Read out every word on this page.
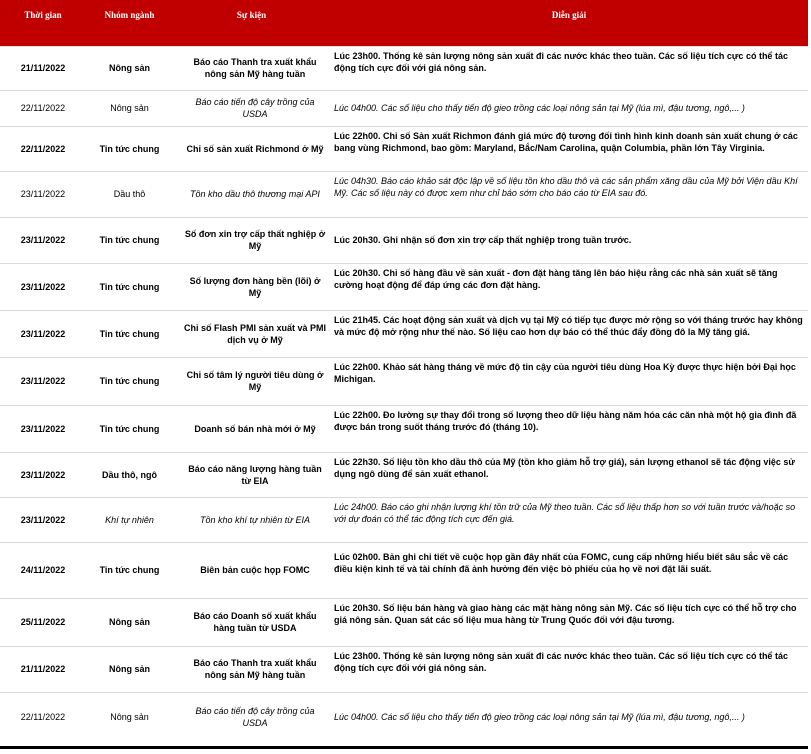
Thời gian	Nhóm ngành	Sự kiện	Diễn giải
21/11/2022	Nông sản	Báo cáo Thanh tra xuất khẩu nông sản Mỹ hàng tuần	Lúc 23h00. Thống kê sản lượng nông sản xuất đi các nước khác theo tuần. Các số liệu tích cực có thể tác động tích cực đối với giá nông sản.
22/11/2022	Nông sản	Báo cáo tiến độ cây trồng của USDA	Lúc 04h00. Các số liệu cho thấy tiến độ gieo trồng các loại nông sản tại Mỹ (lúa mì, đậu tương, ngô,... )
22/11/2022	Tin tức chung	Chỉ số sản xuất Richmond ở Mỹ	Lúc 22h00. Chỉ số Sản xuất Richmon đánh giá mức độ tương đối tình hình kinh doanh sản xuất chung ở các bang vùng Richmond, bao gồm: Maryland, Bắc/Nam Carolina, quận Columbia, phần lớn Tây Virginia.
23/11/2022	Dầu thô	Tồn kho dầu thô thương mại API	Lúc 04h30. Báo cáo khảo sát độc lập về số liệu tồn kho dầu thô và các sản phẩm xăng dầu của Mỹ bởi Viện dầu Khí Mỹ. Các số liệu này có được xem như chỉ báo sớm cho báo cáo từ EIA sau đó.
23/11/2022	Tin tức chung	Số đơn xin trợ cấp thất nghiệp ở Mỹ	Lúc 20h30. Ghi nhận số đơn xin trợ cấp thất nghiệp trong tuần trước.
23/11/2022	Tin tức chung	Số lượng đơn hàng bền (lõi) ở Mỹ	Lúc 20h30. Chỉ số hàng đầu về sản xuất - đơn đặt hàng tăng lên báo hiệu rằng các nhà sản xuất sẽ tăng cường hoạt động để đáp ứng các đơn đặt hàng.
23/11/2022	Tin tức chung	Chỉ số Flash PMI sản xuất và PMI dịch vụ ở Mỹ	Lúc 21h45. Các hoạt động sản xuất và dịch vụ tại Mỹ có tiếp tục được mở rộng so với tháng trước hay không và mức độ mở rộng như thế nào. Số liệu cao hơn dự báo có thể thúc đẩy đồng đô la Mỹ tăng giá.
23/11/2022	Tin tức chung	Chỉ số tâm lý người tiêu dùng ở Mỹ	Lúc 22h00. Khảo sát hàng tháng về mức độ tin cậy của người tiêu dùng Hoa Kỳ được thực hiện bởi Đại học Michigan.
23/11/2022	Tin tức chung	Doanh số bán nhà mới ở Mỹ	Lúc 22h00. Đo lường sự thay đổi trong số lượng theo dữ liệu hàng năm hóa các căn nhà một hộ gia đình đã được bán trong suốt tháng trước đó (tháng 10).
23/11/2022	Dầu thô, ngô	Báo cáo năng lượng hàng tuần từ EIA	Lúc 22h30. Số liệu tồn kho dầu thô của Mỹ (tồn kho giảm hỗ trợ giá), sản lượng ethanol sẽ tác động việc sử dụng ngô dùng để sản xuất ethanol.
23/11/2022	Khí tự nhiên	Tồn kho khí tự nhiên từ EIA	Lúc 24h00. Báo cáo ghi nhận lượng khí tồn trữ của Mỹ theo tuần. Các số liệu thấp hơn so với tuần trước và/hoặc so với dự đoán có thể tác động tích cực đến giá.
24/11/2022	Tin tức chung	Biên bản cuộc họp FOMC	Lúc 02h00. Bản ghi chi tiết về cuộc họp gần đây nhất của FOMC, cung cấp những hiểu biết sâu sắc về các điều kiện kinh tế và tài chính đã ảnh hưởng đến việc bỏ phiếu của họ về nơi đặt lãi suất.
25/11/2022	Nông sản	Báo cáo Doanh số xuất khẩu hàng tuần từ USDA	Lúc 20h30. Số liệu bán hàng và giao hàng các mặt hàng nông sản Mỹ. Các số liệu tích cực có thể hỗ trợ cho giá nông sản. Quan sát các số liệu mua hàng từ Trung Quốc đối với đậu tương.
21/11/2022	Nông sản	Báo cáo Thanh tra xuất khẩu nông sản Mỹ hàng tuần	Lúc 23h00. Thống kê sản lượng nông sản xuất đi các nước khác theo tuần. Các số liệu tích cực có thể tác động tích cực đối với giá nông sản.
22/11/2022	Nông sản	Báo cáo tiến độ cây trồng của USDA	Lúc 04h00. Các số liệu cho thấy tiến độ gieo trồng các loại nông sản tại Mỹ (lúa mì, đậu tương, ngô,... )
